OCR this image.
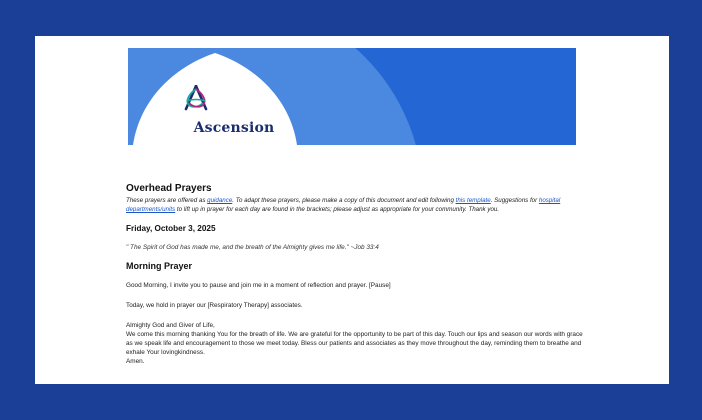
Ascension
Overhead Prayers

These prayers are offered as guidance. To adapt these prayers, please make a copy of this document and edit following this template. Suggestions for hospital departments/units to lift up in prayer for each day are found in the brackets; please adjust as appropriate for your community. Thank you.

Friday, October 3, 2025
" The Spirit of God has made me, and the breath of the Almighty gives me life." ~Job 33:4
Morning Prayer

Good Morning, I invite you to pause and join me in a moment of reflection and prayer. [Pause]

Today, we hold in prayer our [Respiratory Therapy] associates.

Almighty God and Giver of Life,
We come this morning thanking You for the breath of life. We are grateful for the opportunity to be part of this day. Touch our lips and season our words with grace as we speak life and encouragement to those we meet today. Bless our patients and associates as they move throughout the day, reminding them to breathe and exhale Your lovingkindness.
Amen.
